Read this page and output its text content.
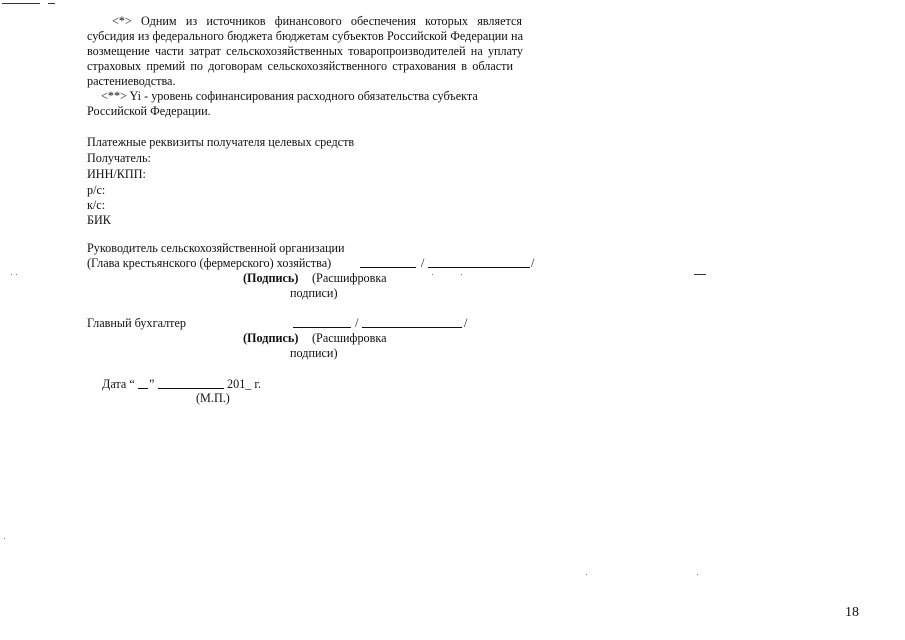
<*> Одним из источников финансового обеспечения которых является
субсидия из федерального бюджета бюджетам субъектов Российской Федерации на
возмещение части затрат сельскохозяйственных товаропроизводителей на уплату
страховых премий по договорам сельскохозяйственного страхования в области
растениеводства.
<**> Yi - уровень софинансирования расходного обязательства субъекта
Российской Федерации.
Платежные реквизиты получателя целевых средств
Получатель:
ИНН/КПП:
р/с:
к/с:
БИК
Руководитель сельскохозяйственной организации
(Глава крестьянского (фермерского) хозяйства)	/	/
(Подпись) (Расшифровка
подписи)
Главный бухгалтер	/	/
(Подпись) (Расшифровка
подписи)
Дата “ ”	201_ г.
(М.П.)
18
